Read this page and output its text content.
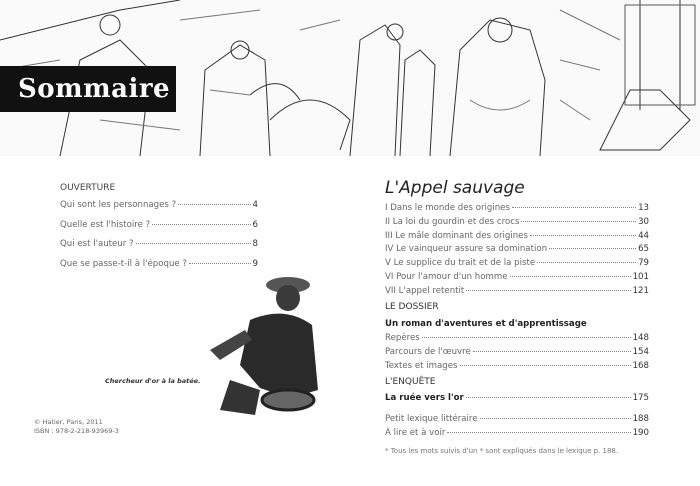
Sommaire
OUVERTURE
Qui sont les personnages ?	4
Quelle est l'histoire ?	6
Qui est l'auteur ?	8
Que se passe-t-il à l'époque ?	9
Chercheur d'or à la batée.
© Hatier, Paris, 2011
ISBN : 978-2-218-93969-3
L'Appel sauvage
I Dans le monde des origines	13
II La loi du gourdin et des crocs	30
III Le mâle dominant des origines	44
IV Le vainqueur assure sa domination	65
V Le supplice du trait et de la piste	79
VI Pour l'amour d'un homme	101
VII L'appel retentit	121
LE DOSSIER
Un roman d'aventures et d'apprentissage
Repères	148
Parcours de l'œuvre	154
Textes et images	168
L'ENQUÊTE
La ruée vers l'or	175
Petit lexique littéraire	188
À lire et à voir	190
* Tous les mots suivis d'un * sont expliqués dans le lexique p. 188.
